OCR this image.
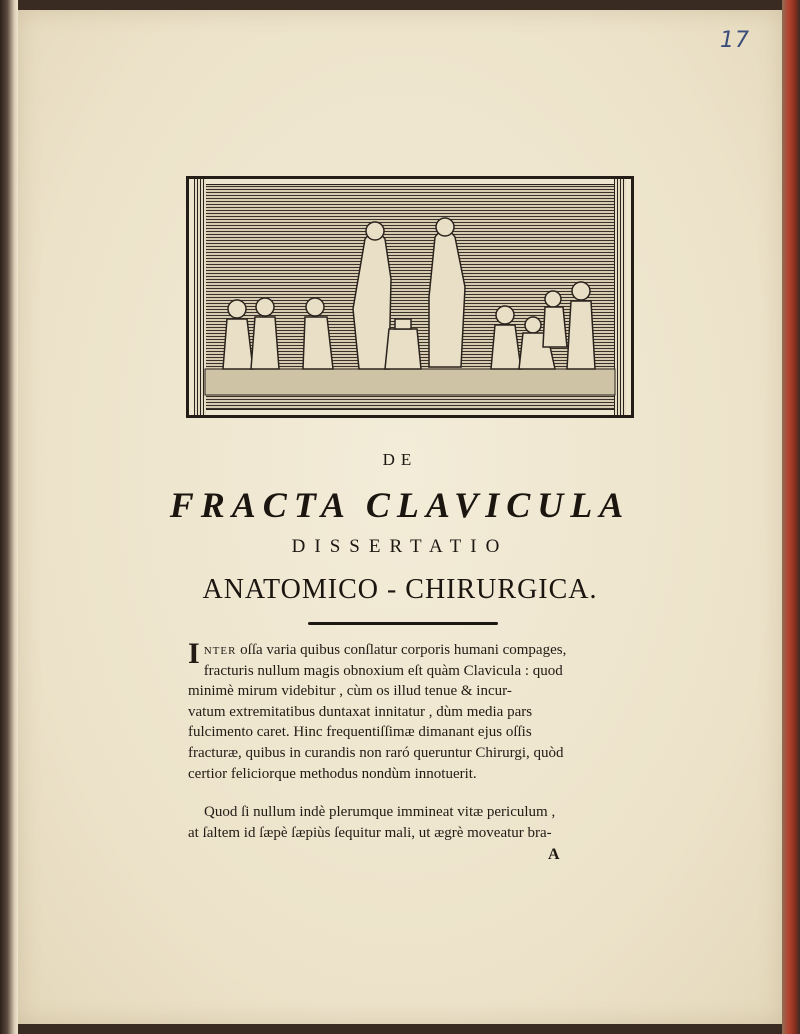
17
DE
FRACTA CLAVICULA
DISSERTATIO
ANATOMICO - CHIRURGICA.
Inter oſſa varia quibus conſlatur corporis humani compages,
fracturis nullum magis obnoxium eſt quàm Clavicula : quod
minimè mirum videbitur , cùm os illud tenue & incur-
vatum extremitatibus duntaxat innitatur , dùm media pars
fulcimento caret. Hinc frequentiſſimæ dimanant ejus oſſis
fracturæ, quibus in curandis non raró queruntur Chirurgi, quòd
certior feliciorque methodus nondùm innotuerit.
Quod ſi nullum indè plerumque immineat vitæ periculum ,
at ſaltem id ſæpè ſæpiùs ſequitur mali, ut ægrè moveatur bra-
A
